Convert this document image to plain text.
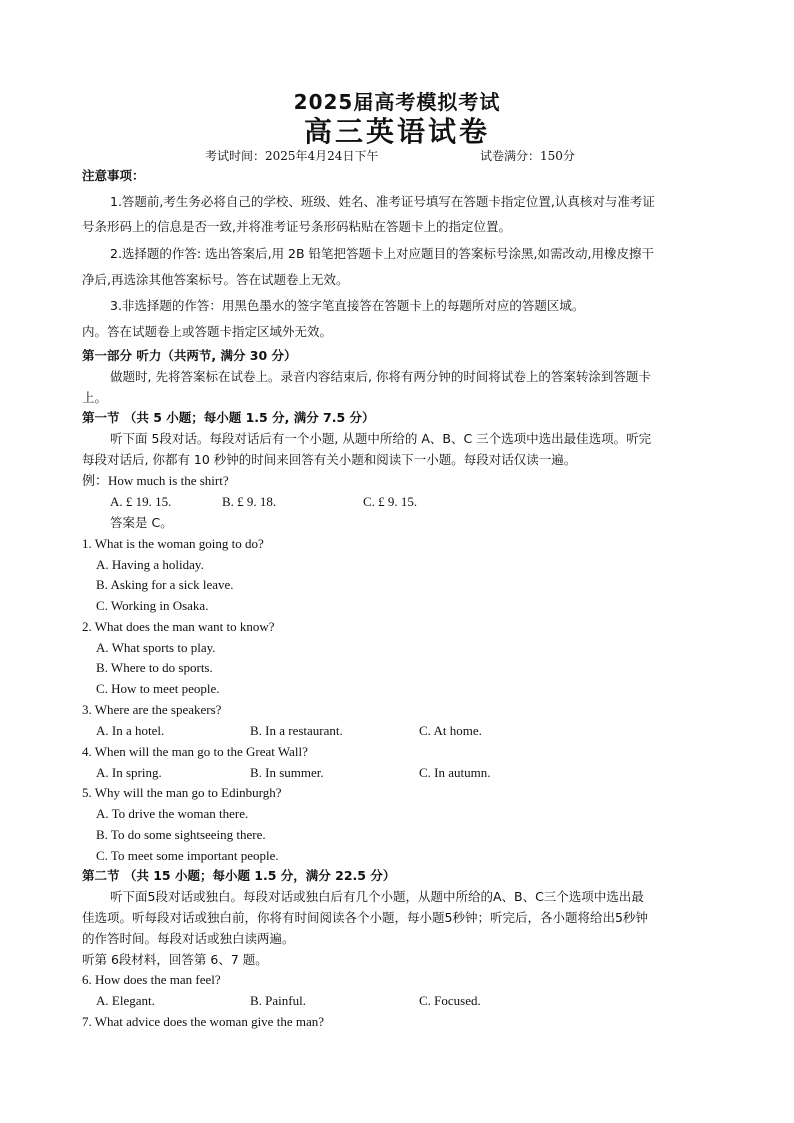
2025届高考模拟考试
高三英语试卷
考试时间：2025年4月24日下午	试卷满分：150分
注意事项：
1.答题前,考生务必将自己的学校、班级、姓名、准考证号填写在答题卡指定位置,认真核对与准考证
号条形码上的信息是否一致,并将准考证号条形码粘贴在答题卡上的指定位置。
2.选择题的作答: 选出答案后,用 2B 铅笔把答题卡上对应题目的答案标号涂黑,如需改动,用橡皮擦干
净后,再选涂其他答案标号。答在试题卷上无效。
3.非选择题的作答：用黑色墨水的签字笔直接答在答题卡上的每题所对应的答题区域。
内。答在试题卷上或答题卡指定区域外无效。
第一部分 听力（共两节, 满分 30 分）
做题时, 先将答案标在试卷上。录音内容结束后, 你将有两分钟的时间将试卷上的答案转涂到答题卡
上。
第一节 （共 5 小题；每小题 1.5 分, 满分 7.5 分）
听下面 5段对话。每段对话后有一个小题, 从题中所给的 A、B、C 三个选项中选出最佳选项。听完
每段对话后, 你都有 10 秒钟的时间来回答有关小题和阅读下一小题。每段对话仅读一遍。
例：How much is the shirt?
A. £ 19. 15.	B. £ 9. 18.	C. £ 9. 15.
答案是 C。
1. What is the woman going to do?
A. Having a holiday.
B. Asking for a sick leave.
C. Working in Osaka.
2. What does the man want to know?
A. What sports to play.
B. Where to do sports.
C. How to meet people.
3. Where are the speakers?
A. In a hotel.	B. In a restaurant.	C. At home.
4. When will the man go to the Great Wall?
A. In spring.	B. In summer.	C. In autumn.
5. Why will the man go to Edinburgh?
A. To drive the woman there.
B. To do some sightseeing there.
C. To meet some important people.
第二节 （共 15 小题；每小题 1.5 分，满分 22.5 分）
听下面5段对话或独白。每段对话或独白后有几个小题，从题中所给的A、B、C三个选项中选出最
佳选项。听每段对话或独白前，你将有时间阅读各个小题，每小题5秒钟；听完后，各小题将给出5秒钟
的作答时间。每段对话或独白读两遍。
听第 6段材料，回答第 6、7 题。
6. How does the man feel?
A. Elegant.	B. Painful.	C. Focused.
7. What advice does the woman give the man?
